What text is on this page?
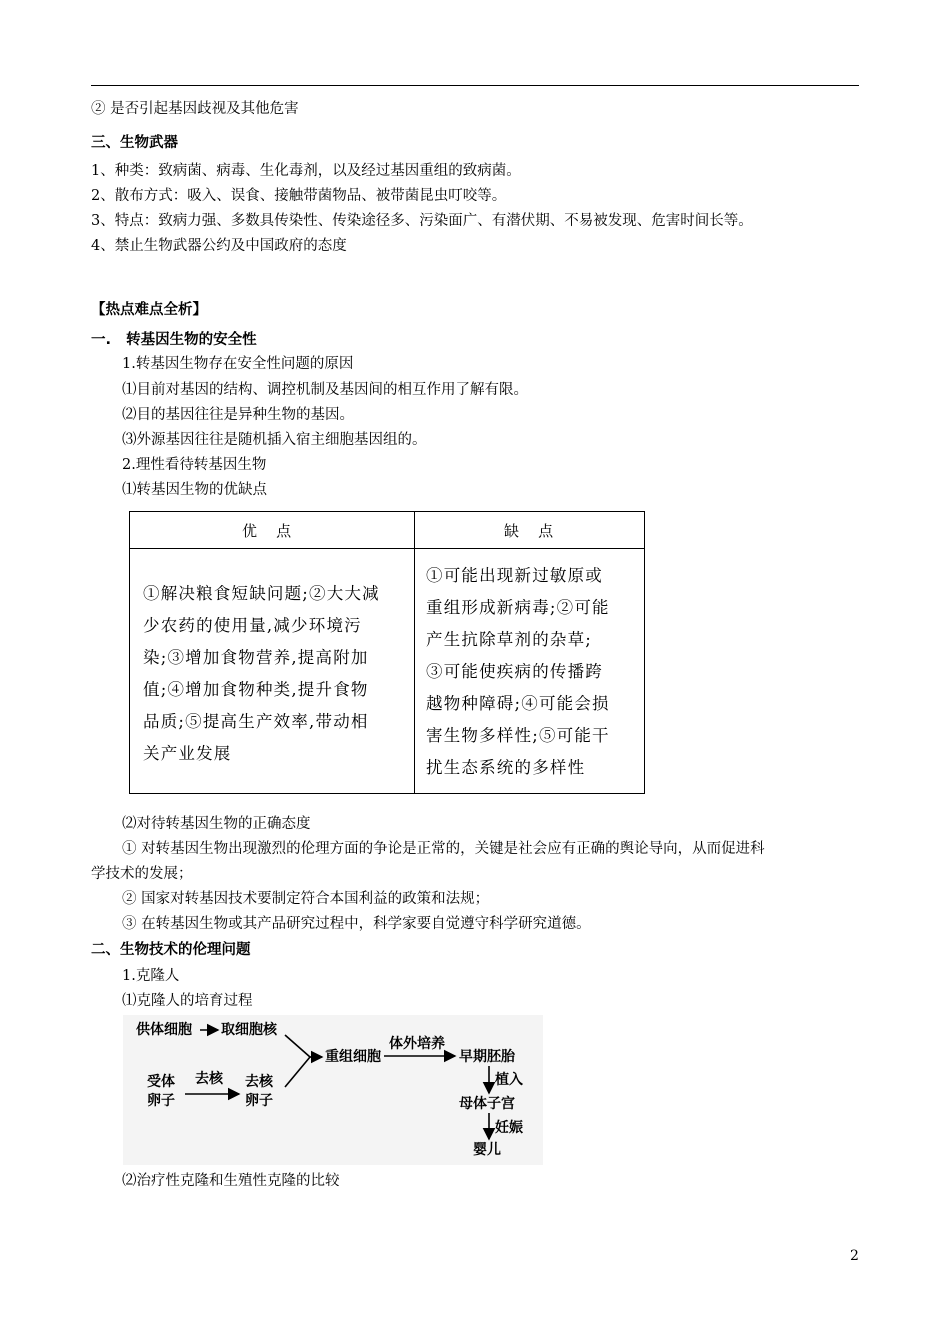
② 是否引起基因歧视及其他危害
三、生物武器
1、种类：致病菌、病毒、生化毒剂，以及经过基因重组的致病菌。
2、散布方式：吸入、误食、接触带菌物品、被带菌昆虫叮咬等。
3、特点：致病力强、多数具传染性、传染途径多、污染面广、有潜伏期、不易被发现、危害时间长等。
4、禁止生物武器公约及中国政府的态度
【热点难点全析】
一.   转基因生物的安全性
1.转基因生物存在安全性问题的原因
⑴目前对基因的结构、调控机制及基因间的相互作用了解有限。
⑵目的基因往往是异种生物的基因。
⑶外源基因往往是随机插入宿主细胞基因组的。
2.理性看待转基因生物
⑴转基因生物的优缺点
优    点	缺    点

①解决粮食短缺问题;②大大减

少农药的使用量,减少环境污

染;③增加食物营养,提高附加

值;④增加食物种类,提升食物

品质;⑤提高生产效率,带动相

关产业发展

①可能出现新过敏原或

重组形成新病毒;②可能

产生抗除草剂的杂草;

③可能使疾病的传播跨

越物种障碍;④可能会损

害生物多样性;⑤可能干

扰生态系统的多样性

⑵对待转基因生物的正确态度
① 对转基因生物出现激烈的伦理方面的争论是正常的，关键是社会应有正确的舆论导向，从而促进科
学技术的发展；
② 国家对转基因技术要制定符合本国利益的政策和法规；
③ 在转基因生物或其产品研究过程中，科学家要自觉遵守科学研究道德。
二、生物技术的伦理问题
1.克隆人
⑴克隆人的培育过程
供体细胞 取细胞核
受体
卵子
去核 去核
卵子
重组细胞
体外培养
早期胚胎
植入
母体子宫
妊娠
婴儿
⑵治疗性克隆和生殖性克隆的比较
2
